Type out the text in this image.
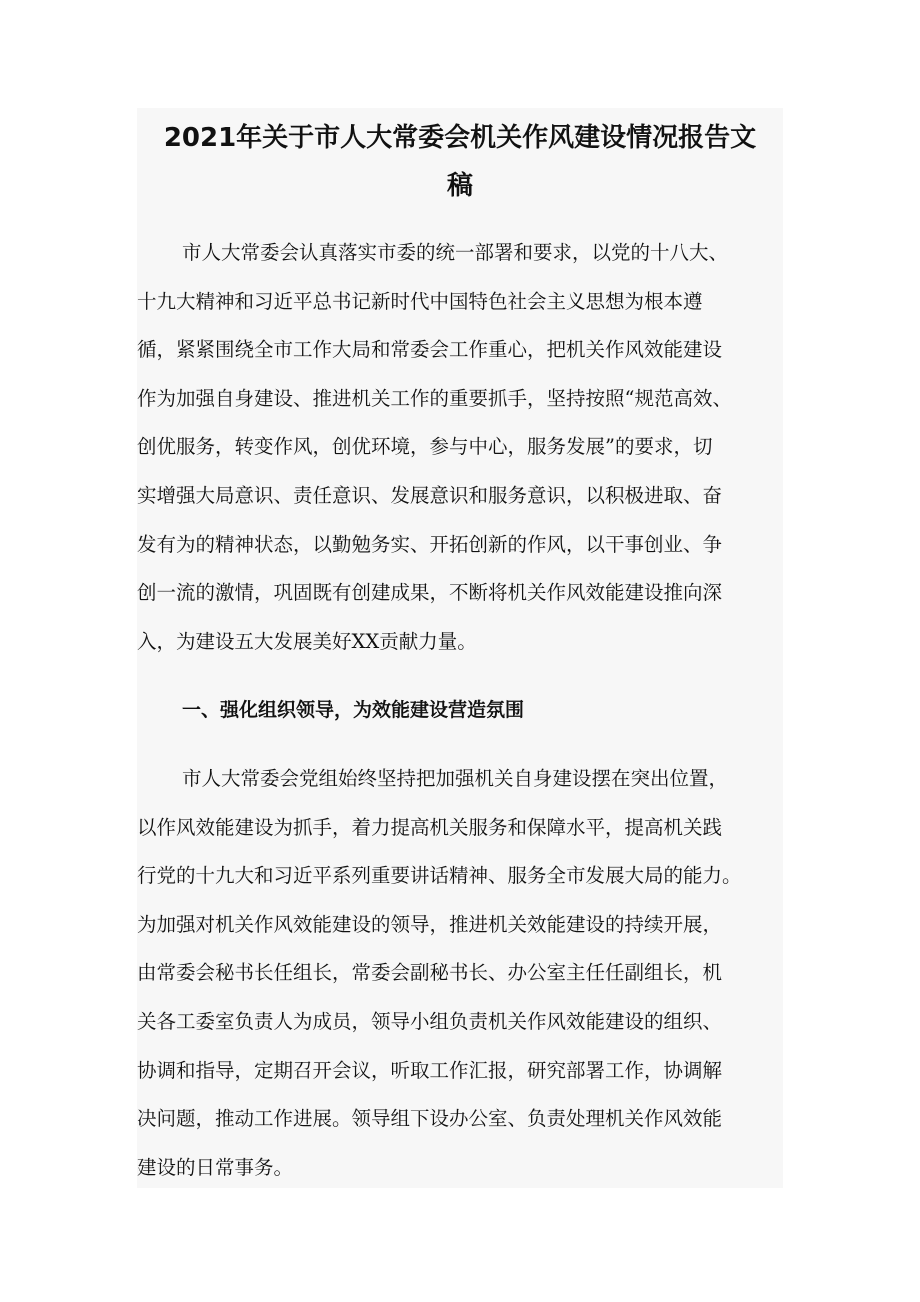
2021年关于市人大常委会机关作风建设情况报告文
稿
市人大常委会认真落实市委的统一部署和要求，以党的十八大、
十九大精神和习近平总书记新时代中国特色社会主义思想为根本遵
循，紧紧围绕全市工作大局和常委会工作重心，把机关作风效能建设
作为加强自身建设、推进机关工作的重要抓手，坚持按照“规范高效、
创优服务，转变作风，创优环境，参与中心，服务发展”的要求，切
实增强大局意识、责任意识、发展意识和服务意识，以积极进取、奋
发有为的精神状态，以勤勉务实、开拓创新的作风，以干事创业、争
创一流的激情，巩固既有创建成果，不断将机关作风效能建设推向深
入，为建设五大发展美好XX贡献力量。
一、强化组织领导，为效能建设营造氛围
市人大常委会党组始终坚持把加强机关自身建设摆在突出位置，
以作风效能建设为抓手，着力提高机关服务和保障水平，提高机关践
行党的十九大和习近平系列重要讲话精神、服务全市发展大局的能力。
为加强对机关作风效能建设的领导，推进机关效能建设的持续开展，
由常委会秘书长任组长，常委会副秘书长、办公室主任任副组长，机
关各工委室负责人为成员，领导小组负责机关作风效能建设的组织、
协调和指导，定期召开会议，听取工作汇报，研究部署工作，协调解
决问题，推动工作进展。领导组下设办公室、负责处理机关作风效能
建设的日常事务。
